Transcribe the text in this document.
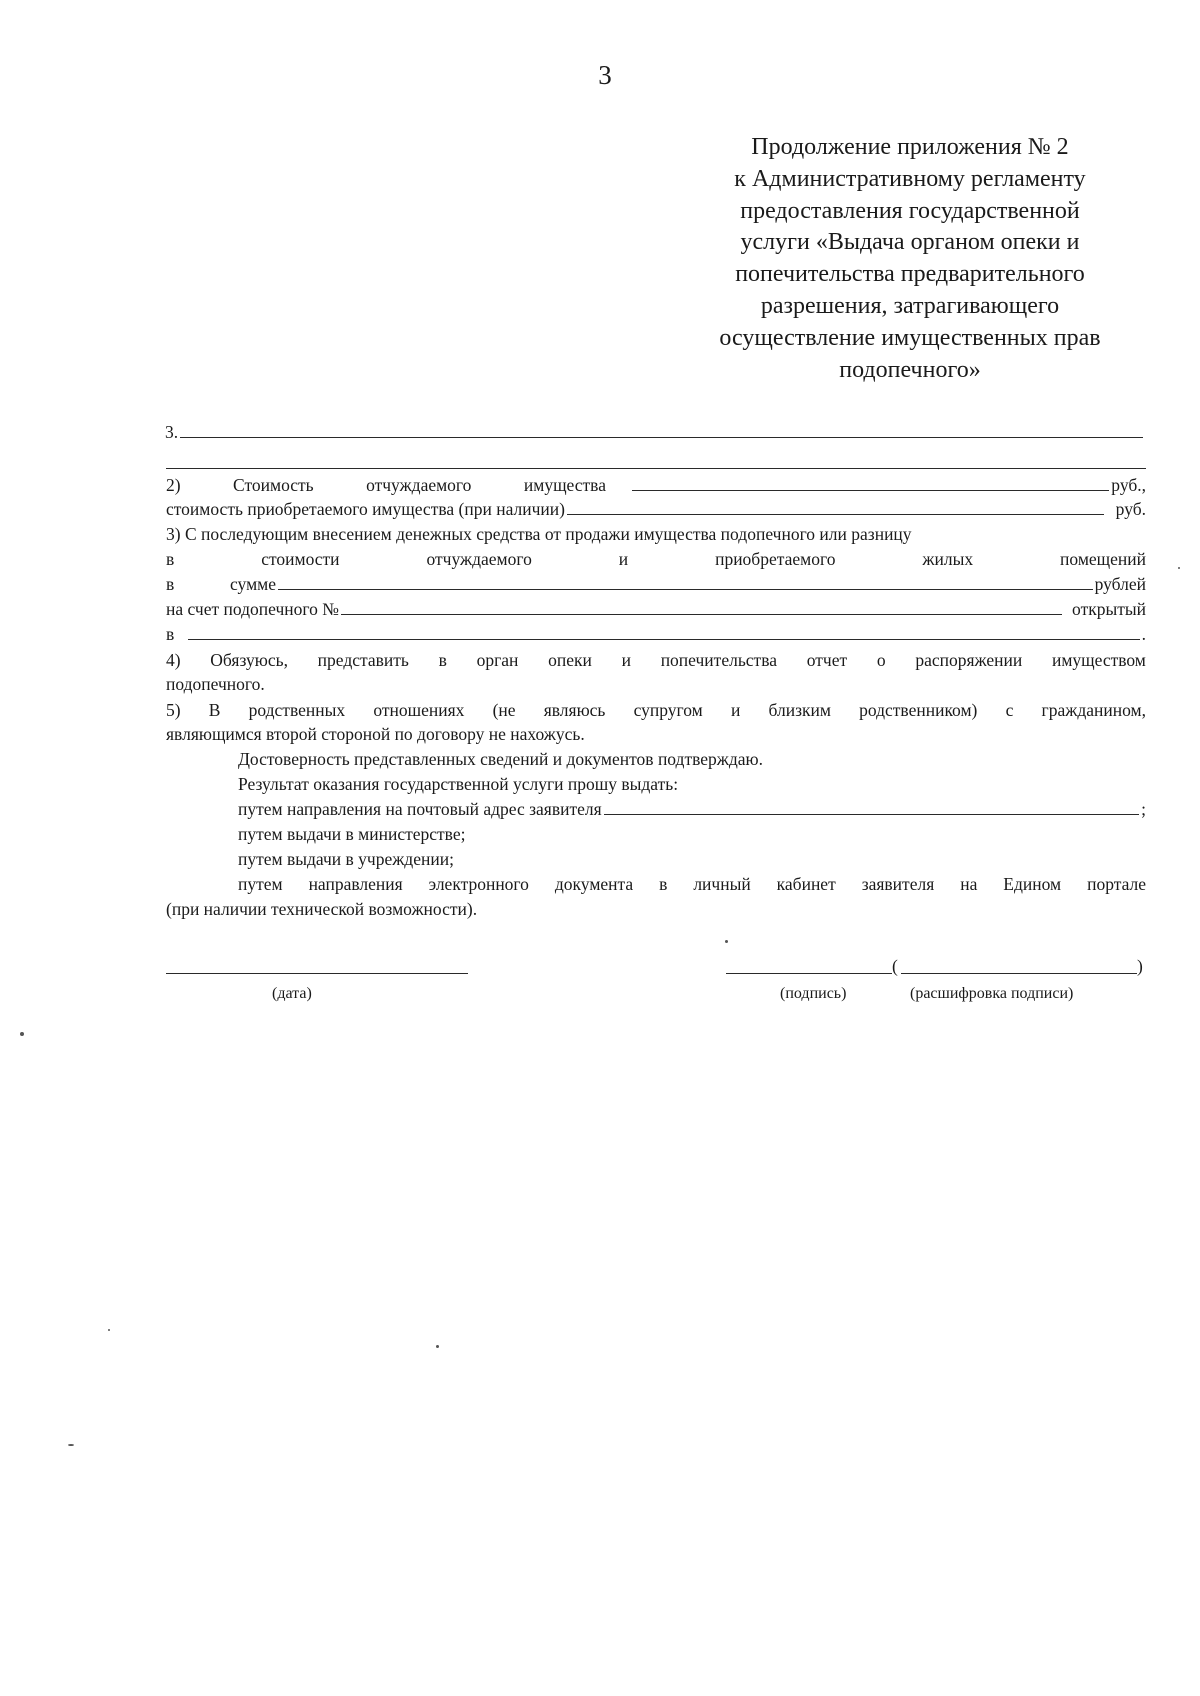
3
Продолжение приложения № 2
к Административному регламенту
предоставления государственной
услуги «Выдача органом опеки и
попечительства предварительного
разрешения, затрагивающего
осуществление имущественных прав
подопечного»
3.
2)	Стоимость	отчуждаемого	имущества	руб.,
стоимость приобретаемого имущества (при наличии)	руб.
3) С последующим внесением денежных средства от продажи имущества подопечного или разницу
в	стоимости	отчуждаемого	и	приобретаемого	жилых	помещений
в	сумме	рублей
на счет подопечного №	открытый
в	.
4) Обязуюсь, представить в орган опеки и попечительства отчет о распоряжении имуществом
подопечного.
5) В родственных отношениях (не являюсь супругом и близким родственником) с гражданином,
являющимся второй стороной по договору не нахожусь.
Достоверность представленных сведений и документов подтверждаю.
Результат оказания государственной услуги прошу выдать:
путем направления на почтовый адрес заявителя	;
путем выдачи в министерстве;
путем выдачи в учреждении;
путем направления электронного документа в личный кабинет заявителя на Едином портале
(при наличии технической возможности).
(	)
(дата)	(подпись)	(расшифровка подписи)
